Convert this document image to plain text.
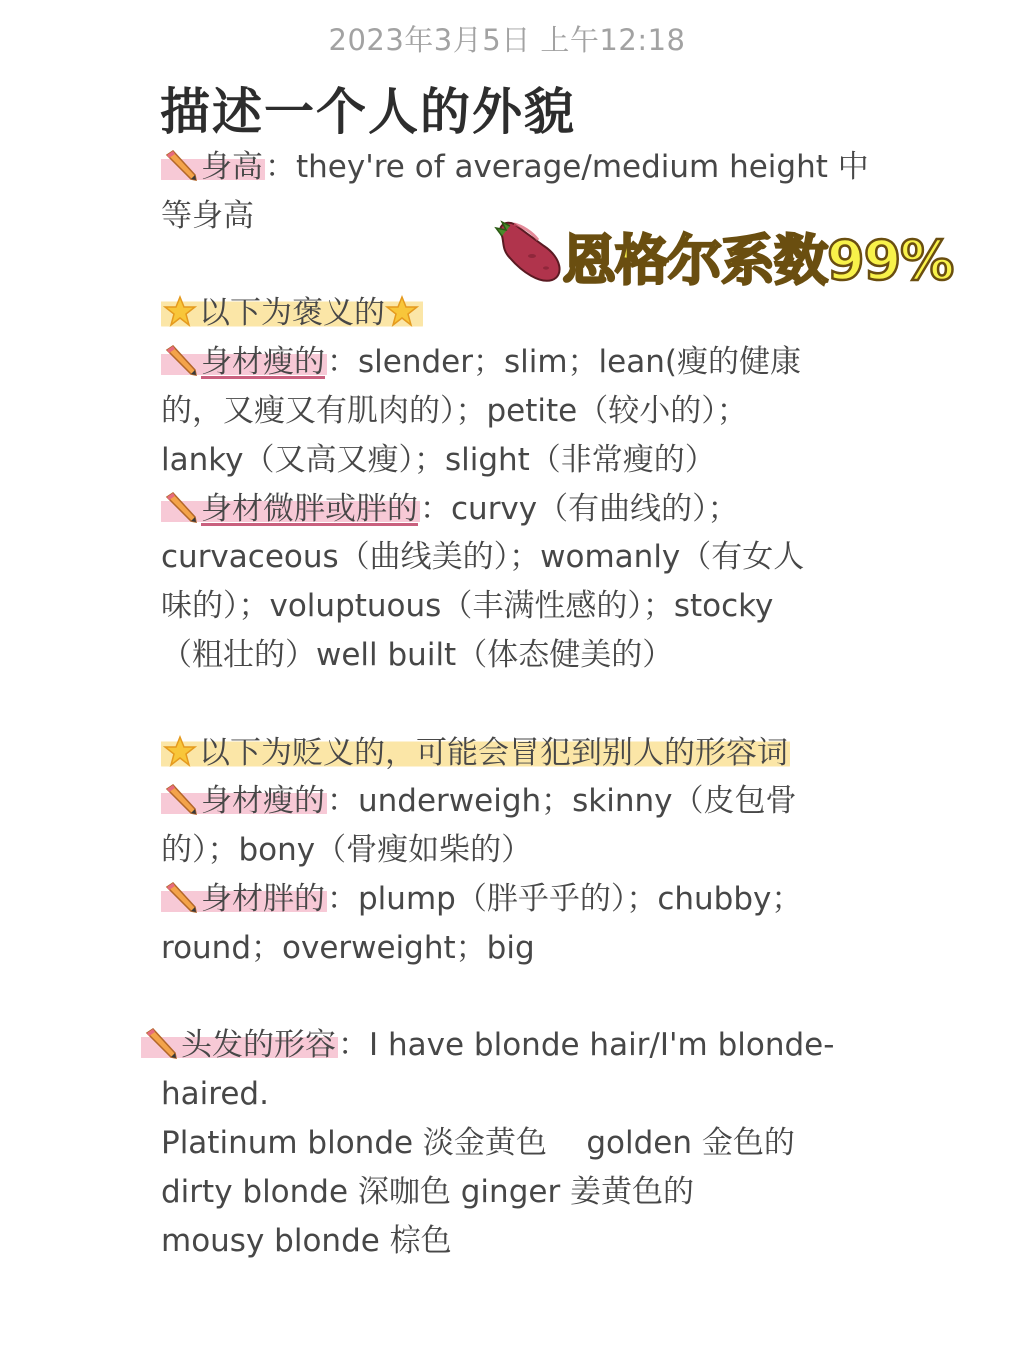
2023年3月5日 上午12:18
描述一个人的外貌
恩格尔系数99%

身高：they're of average/medium height 中

等身高

以下为褒义的

身材瘦的：slender；slim；lean(瘦的健康

的，又瘦又有肌肉的）；petite（较小的）；

lanky（又高又瘦）；slight（非常瘦的）

身材微胖或胖的：curvy（有曲线的）；

curvaceous（曲线美的）；womanly（有女人

味的）；voluptuous（丰满性感的）；stocky

（粗壮的）well built（体态健美的）

以下为贬义的，可能会冒犯到别人的形容词

身材瘦的：underweigh；skinny（皮包骨

的）；bony（骨瘦如柴的）

身材胖的：plump（胖乎乎的）；chubby；

round；overweight；big

头发的形容：I have blonde hair/I'm blonde-

haired.

Platinum blonde 淡金黄色    golden 金色的

dirty blonde 深咖色 ginger 姜黄色的

mousy blonde 棕色
